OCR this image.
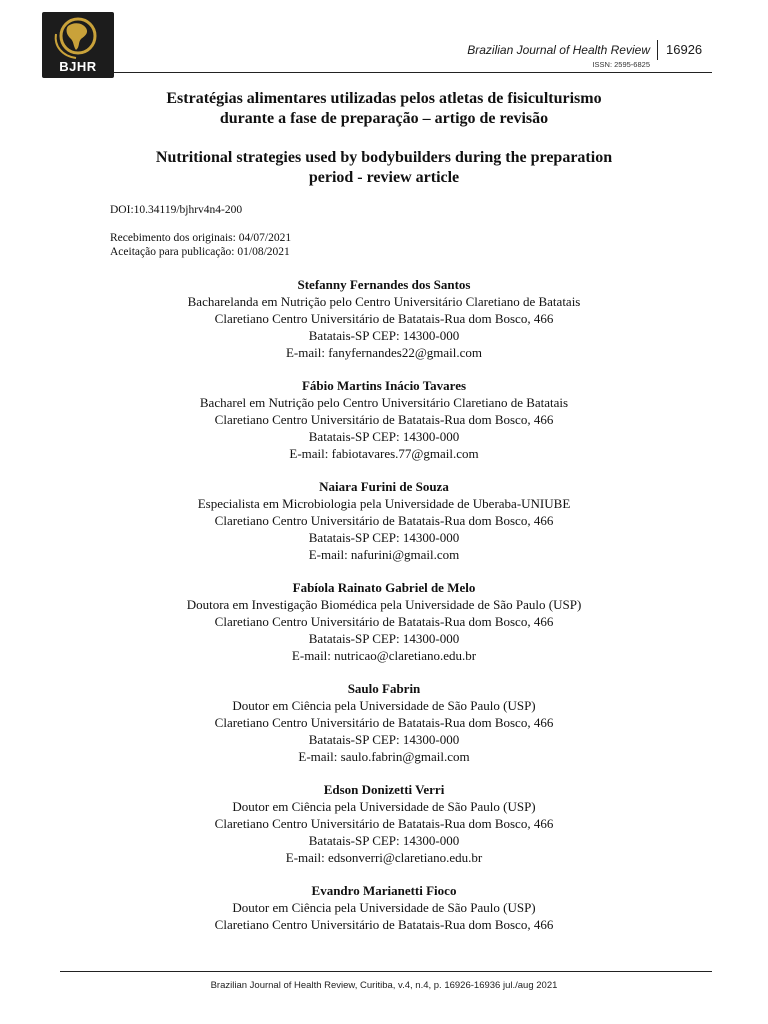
BJHR
Brazilian Journal of Health Review 16926
ISSN: 2595-6825
Estratégias alimentares utilizadas pelos atletas de fisiculturismo
durante a fase de preparação – artigo de revisão
Nutritional strategies used by bodybuilders during the preparation
period - review article
DOI:10.34119/bjhrv4n4-200
Recebimento dos originais: 04/07/2021
Aceitação para publicação: 01/08/2021
Stefanny Fernandes dos Santos
Bacharelanda em Nutrição pelo Centro Universitário Claretiano de Batatais
Claretiano Centro Universitário de Batatais-Rua dom Bosco, 466
Batatais-SP CEP: 14300-000
E-mail: fanyfernandes22@gmail.com
Fábio Martins Inácio Tavares
Bacharel em Nutrição pelo Centro Universitário Claretiano de Batatais
Claretiano Centro Universitário de Batatais-Rua dom Bosco, 466
Batatais-SP CEP: 14300-000
E-mail: fabiotavares.77@gmail.com
Naiara Furini de Souza
Especialista em Microbiologia pela Universidade de Uberaba-UNIUBE
Claretiano Centro Universitário de Batatais-Rua dom Bosco, 466
Batatais-SP CEP: 14300-000
E-mail: nafurini@gmail.com
Fabíola Rainato Gabriel de Melo
Doutora em Investigação Biomédica pela Universidade de São Paulo (USP)
Claretiano Centro Universitário de Batatais-Rua dom Bosco, 466
Batatais-SP CEP: 14300-000
E-mail: nutricao@claretiano.edu.br
Saulo Fabrin
Doutor em Ciência pela Universidade de São Paulo (USP)
Claretiano Centro Universitário de Batatais-Rua dom Bosco, 466
Batatais-SP CEP: 14300-000
E-mail: saulo.fabrin@gmail.com
Edson Donizetti Verri
Doutor em Ciência pela Universidade de São Paulo (USP)
Claretiano Centro Universitário de Batatais-Rua dom Bosco, 466
Batatais-SP CEP: 14300-000
E-mail: edsonverri@claretiano.edu.br
Evandro Marianetti Fioco
Doutor em Ciência pela Universidade de São Paulo (USP)
Claretiano Centro Universitário de Batatais-Rua dom Bosco, 466
Brazilian Journal of Health Review, Curitiba, v.4, n.4, p. 16926-16936 jul./aug 2021
